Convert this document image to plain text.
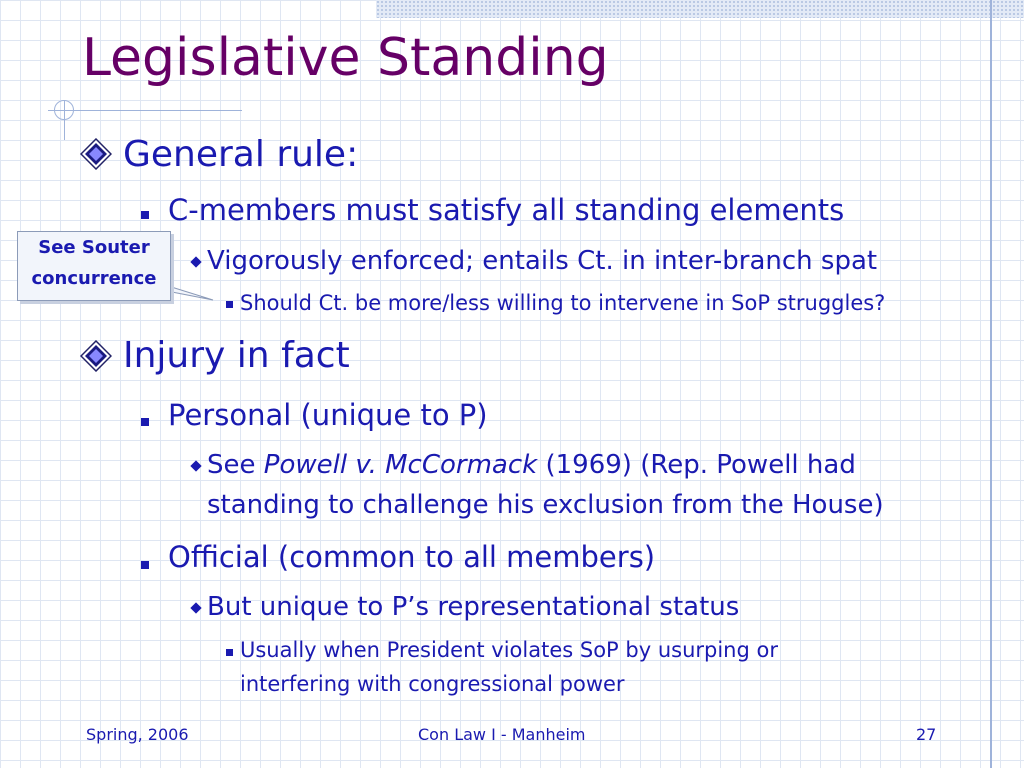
Legislative Standing
General rule:
C-members must satisfy all standing elements
Vigorously enforced; entails Ct. in inter-branch spat
Should Ct. be more/less willing to intervene in SoP struggles?
See Souter
concurrence
Injury in fact
Personal (unique to P)
See Powell v. McCormack (1969) (Rep. Powell had
standing to challenge his exclusion from the House)
Official (common to all members)
But unique to P’s representational status
Usually when President violates SoP by usurping or
interfering with congressional power
Spring, 2006	Con Law I - Manheim	27
